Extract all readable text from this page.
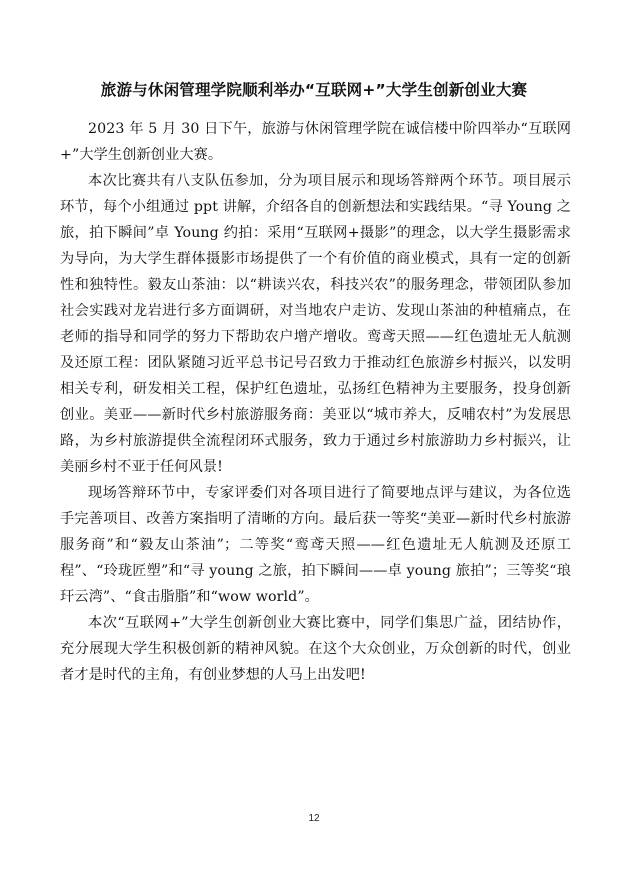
旅游与休闲管理学院顺利举办“互联网+”大学生创新创业大赛

2023 年 5 月 30 日下午，旅游与休闲管理学院在诚信楼中阶四举办“互联网+”大学生创新创业大赛。

本次比赛共有八支队伍参加，分为项目展示和现场答辩两个环节。项目展示环节，每个小组通过 ppt 讲解，介绍各自的创新想法和实践结果。“寻 Young 之旅，拍下瞬间”卓 Young 约拍：采用“互联网+摄影”的理念，以大学生摄影需求为导向，为大学生群体摄影市场提供了一个有价值的商业模式，具有一定的创新性和独特性。毅友山茶油：以“耕读兴农，科技兴农”的服务理念，带领团队参加社会实践对龙岩进行多方面调研，对当地农户走访、发现山茶油的种植痛点，在老师的指导和同学的努力下帮助农户增产增收。鸾鸢天照——红色遗址无人航测及还原工程：团队紧随习近平总书记号召致力于推动红色旅游乡村振兴，以发明相关专利，研发相关工程，保护红色遗址，弘扬红色精神为主要服务，投身创新创业。美亚——新时代乡村旅游服务商：美亚以“城市养大，反哺农村”为发展思路，为乡村旅游提供全流程闭环式服务，致力于通过乡村旅游助力乡村振兴，让美丽乡村不亚于任何风景!

现场答辩环节中，专家评委们对各项目进行了简要地点评与建议，为各位选手完善项目、改善方案指明了清晰的方向。最后获一等奖“美亚—新时代乡村旅游服务商”和“毅友山茶油”；二等奖“鸾鸢天照——红色遗址无人航测及还原工程”、“玲珑匠塑”和“寻 young 之旅，拍下瞬间——卓 young 旅拍”；三等奖“琅玕云湾”、“食击脂脂”和“wow world”。

本次“互联网+”大学生创新创业大赛比赛中，同学们集思广益，团结协作，充分展现大学生积极创新的精神风貌。在这个大众创业，万众创新的时代，创业者才是时代的主角，有创业梦想的人马上出发吧!

12
